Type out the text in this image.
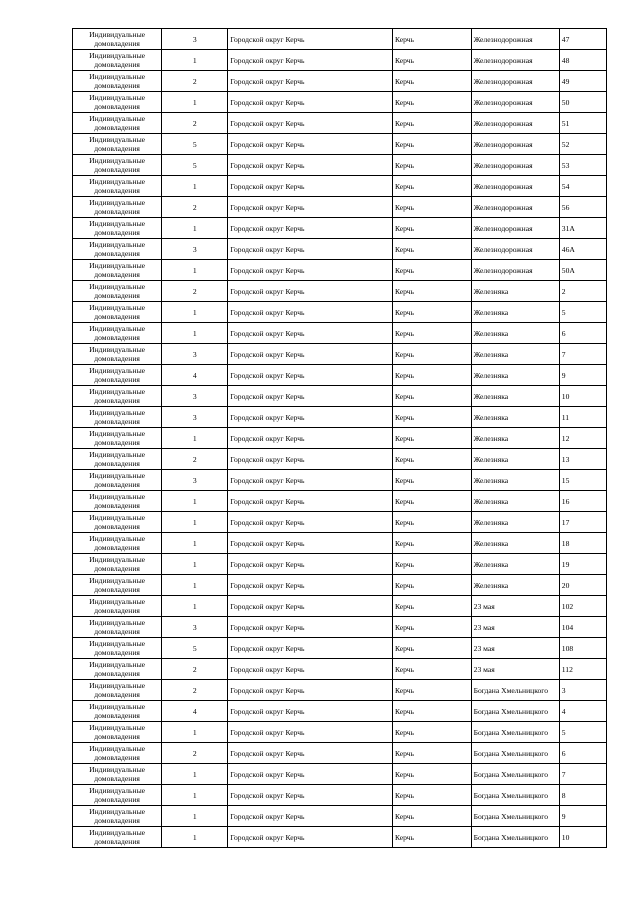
Индивидуальные домовладения	3	Городской округ Керчь	Керчь	Железнодорожная	47
Индивидуальные домовладения	1	Городской округ Керчь	Керчь	Железнодорожная	48
Индивидуальные домовладения	2	Городской округ Керчь	Керчь	Железнодорожная	49
Индивидуальные домовладения	1	Городской округ Керчь	Керчь	Железнодорожная	50
Индивидуальные домовладения	2	Городской округ Керчь	Керчь	Железнодорожная	51
Индивидуальные домовладения	5	Городской округ Керчь	Керчь	Железнодорожная	52
Индивидуальные домовладения	5	Городской округ Керчь	Керчь	Железнодорожная	53
Индивидуальные домовладения	1	Городской округ Керчь	Керчь	Железнодорожная	54
Индивидуальные домовладения	2	Городской округ Керчь	Керчь	Железнодорожная	56
Индивидуальные домовладения	1	Городской округ Керчь	Керчь	Железнодорожная	31А
Индивидуальные домовладения	3	Городской округ Керчь	Керчь	Железнодорожная	46А
Индивидуальные домовладения	1	Городской округ Керчь	Керчь	Железнодорожная	50А
Индивидуальные домовладения	2	Городской округ Керчь	Керчь	Железнякa	2
Индивидуальные домовладения	1	Городской округ Керчь	Керчь	Железняка	5
Индивидуальные домовладения	1	Городской округ Керчь	Керчь	Железняка	6
Индивидуальные домовладения	3	Городской округ Керчь	Керчь	Железняка	7
Индивидуальные домовладения	4	Городской округ Керчь	Керчь	Железняка	9
Индивидуальные домовладения	3	Городской округ Керчь	Керчь	Железняка	10
Индивидуальные домовладения	3	Городской округ Керчь	Керчь	Железняка	11
Индивидуальные домовладения	1	Городской округ Керчь	Керчь	Железняка	12
Индивидуальные домовладения	2	Городской округ Керчь	Керчь	Железняка	13
Индивидуальные домовладения	3	Городской округ Керчь	Керчь	Железняка	15
Индивидуальные домовладения	1	Городской округ Керчь	Керчь	Железняка	16
Индивидуальные домовладения	1	Городской округ Керчь	Керчь	Железняка	17
Индивидуальные домовладения	1	Городской округ Керчь	Керчь	Железняка	18
Индивидуальные домовладения	1	Городской округ Керчь	Керчь	Железняка	19
Индивидуальные домовладения	1	Городской округ Керчь	Керчь	Железняка	20
Индивидуальные домовладения	1	Городской округ Керчь	Керчь	23 мая	102
Индивидуальные домовладения	3	Городской округ Керчь	Керчь	23 мая	104
Индивидуальные домовладения	5	Городской округ Керчь	Керчь	23 мая	108
Индивидуальные домовладения	2	Городской округ Керчь	Керчь	23 мая	112
Индивидуальные домовладения	2	Городской округ Керчь	Керчь	Богдана Хмельницкого	3
Индивидуальные домовладения	4	Городской округ Керчь	Керчь	Богдана Хмельницкого	4
Индивидуальные домовладения	1	Городской округ Керчь	Керчь	Богдана Хмельницкого	5
Индивидуальные домовладения	2	Городской округ Керчь	Керчь	Богдана Хмельницкого	6
Индивидуальные домовладения	1	Городской округ Керчь	Керчь	Богдана Хмельницкого	7
Индивидуальные домовладения	1	Городской округ Керчь	Керчь	Богдана Хмельницкого	8
Индивидуальные домовладения	1	Городской округ Керчь	Керчь	Богдана Хмельницкого	9
Индивидуальные домовладения	1	Городской округ Керчь	Керчь	Богдана Хмельницкого	10
